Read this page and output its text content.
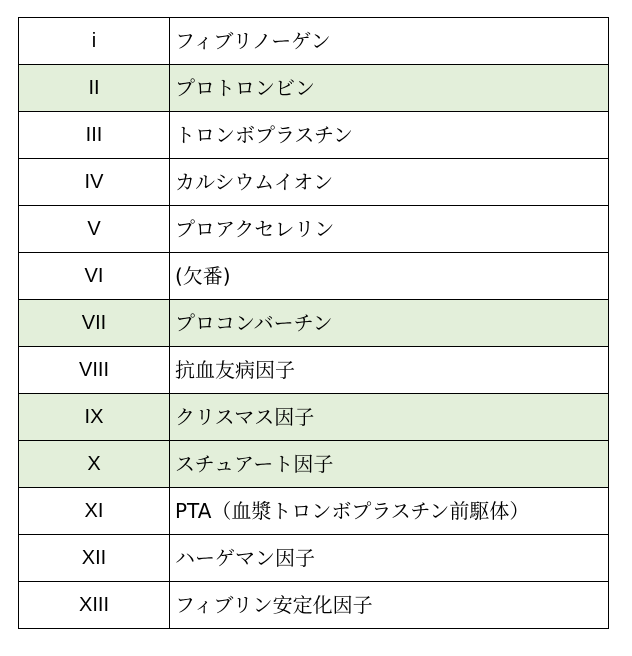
i	フィブリノーゲン
II	プロトロンビン
III	トロンボプラスチン
IV	カルシウムイオン
V	プロアクセレリン
VI	(欠番)
VII	プロコンバーチン
VIII	抗血友病因子
IX	クリスマス因子
X	スチュアート因子
XI	PTA（血漿トロンボプラスチン前駆体）
XII	ハーゲマン因子
XIII	フィブリン安定化因子
